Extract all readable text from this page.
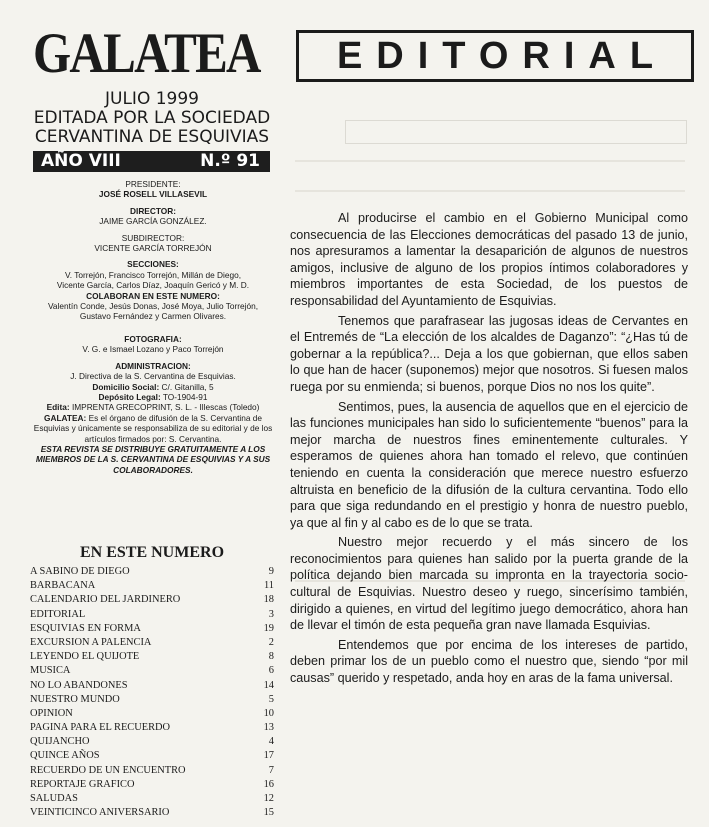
GALATEA	EDITORIAL
JULIO 1999
EDITADA POR LA SOCIEDAD
CERVANTINA DE ESQUIVIAS
AÑO VIII	N.º 91
PRESIDENTE:
JOSÉ ROSELL VILLASEVIL
DIRECTOR:
JAIME GARCÍA GONZÁLEZ.
SUBDIRECTOR:
VICENTE GARCÍA TORREJÓN
SECCIONES:
V. Torrejón, Francisco Torrejón, Millán de Diego,
Vicente García, Carlos Díaz, Joaquín Gericó y M. D.
COLABORAN EN ESTE NUMERO:
Valentín Conde, Jesús Donas, José Moya, Julio Torrejón,
Gustavo Fernández y Carmen Olivares.
FOTOGRAFIA:
V. G. e Ismael Lozano y Paco Torrejón
ADMINISTRACION:
J. Directiva de la S. Cervantina de Esquivias.
Domicilio Social: C/. Gitanilla, 5
Depósito Legal: TO-1904-91
Edita: IMPRENTA GRECOPRINT, S. L. - Illescas (Toledo)
GALATEA: Es el órgano de difusión de la S. Cervantina de
Esquivias y únicamente se responsabiliza de su editorial y de los
artículos firmados por: S. Cervantina.
ESTA REVISTA SE DISTRIBUYE GRATUITAMENTE A LOS
MIEMBROS DE LA S. CERVANTINA DE ESQUIVIAS Y A SUS
COLABORADORES.
EN ESTE NUMERO
A SABINO DE DIEGO	9
BARBACANA	11
CALENDARIO DEL JARDINERO	18
EDITORIAL	3
ESQUIVIAS EN FORMA	19
EXCURSION A PALENCIA	2
LEYENDO EL QUIJOTE	8
MUSICA	6
NO LO ABANDONES	14
NUESTRO MUNDO	5
OPINION	10
PAGINA PARA EL RECUERDO	13
QUIJANCHO	4
QUINCE AÑOS	17
RECUERDO DE UN ENCUENTRO	7
REPORTAJE GRAFICO	16
SALUDAS	12
VEINTICINCO ANIVERSARIO	15

Al producirse el cambio en el Gobierno Municipal como consecuencia de las Elecciones democráticas del pasado 13 de junio, nos apresuramos a lamentar la desaparición de algunos de nuestros amigos, inclusive de alguno de los propios íntimos colaboradores y miembros importantes de esta Sociedad, de los puestos de responsabilidad del Ayuntamiento de Esquivias.

Tenemos que parafrasear las jugosas ideas de Cervantes en el Entremés de “La elección de los alcaldes de Daganzo”: “¿Has tú de gobernar a la república?... Deja a los que gobiernan, que ellos saben lo que han de hacer (suponemos) mejor que nosotros. Si fuesen malos ruega por su enmienda; si buenos, porque Dios no nos los quite”.

Sentimos, pues, la ausencia de aquellos que en el ejercicio de las funciones municipales han sido lo suficientemente “buenos” para la mejor marcha de nuestros fines eminentemente culturales. Y esperamos de quienes ahora han tomado el relevo, que continúen teniendo en cuenta la consideración que merece nuestro esfuerzo altruista en beneficio de la difusión de la cultura cervantina. Todo ello para que siga redundando en el prestigio y honra de nuestro pueblo, ya que al fin y al cabo es de lo que se trata.

Nuestro mejor recuerdo y el más sincero de los reconocimientos para quienes han salido por la puerta grande de la política dejando bien marcada su impronta en la trayectoria socio-cultural de Esquivias. Nuestro deseo y ruego, sincerísimo también, dirigido a quienes, en virtud del legítimo juego democrático, ahora han de llevar el timón de esta pequeña gran nave llamada Esquivias.

Entendemos que por encima de los intereses de partido, deben primar los de un pueblo como el nuestro que, siendo “por mil causas” querido y respetado, anda hoy en aras de la fama universal.
